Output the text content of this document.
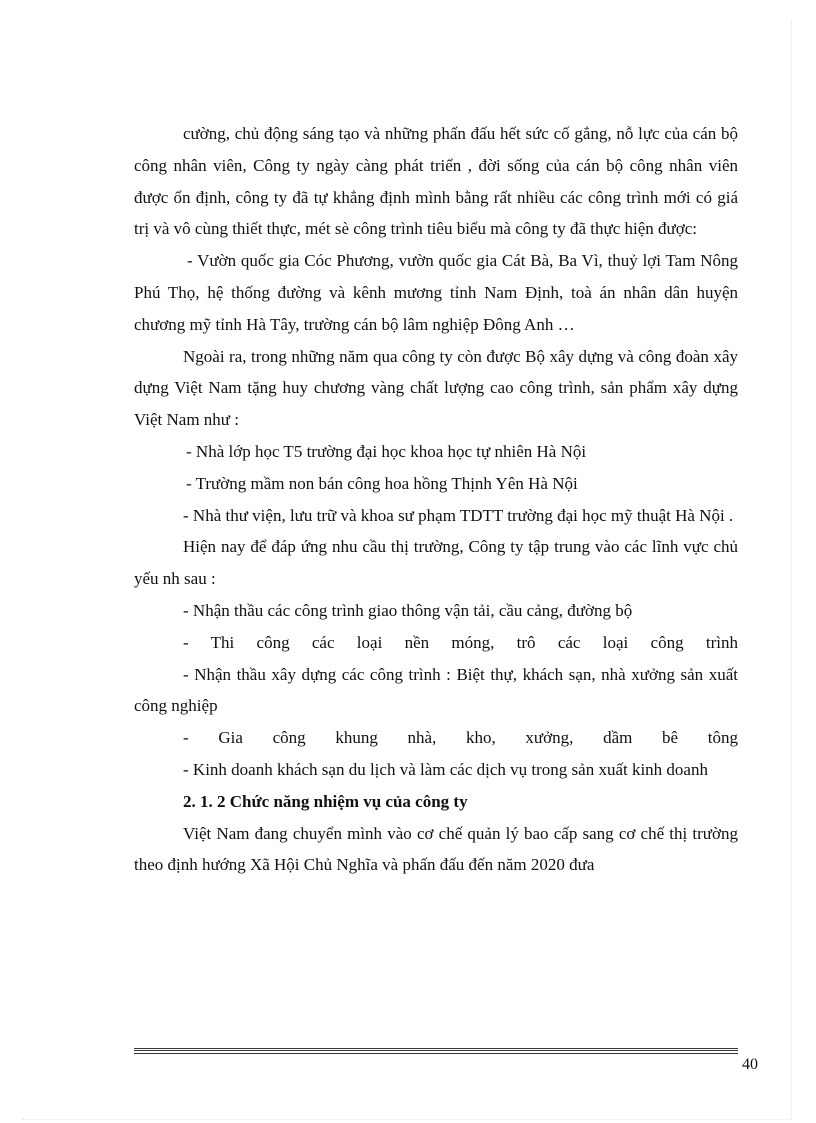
cường, chủ động sáng tạo và những phấn đấu hết sức cố gắng, nỗ lực của cán bộ công nhân viên, Công ty ngày càng phát triển , đời sống của cán bộ công nhân viên được ổn định, công ty đã tự khẳng định mình bằng rất nhiều các công trình mới có giá trị và vô cùng thiết thực, mét sè công trình tiêu biểu mà công ty đã thực hiện được:

- Vườn quốc gia Cóc Phương, vườn quốc gia Cát Bà, Ba Vì, thuỷ lợi Tam Nông Phú Thọ, hệ thống đường và kênh mương tỉnh Nam Định, toà án nhân dân huyện chương mỹ tỉnh Hà Tây, trường cán bộ lâm nghiệp Đông Anh …

Ngoài ra, trong những năm qua công ty còn được Bộ xây dựng và công đoàn xây dựng Việt Nam tặng huy chương vàng chất lượng cao công trình, sản phẩm xây dựng Việt Nam như :

- Nhà lớp học T5 trường đại học khoa học tự nhiên Hà Nội

- Trường mầm non bán công hoa hồng Thịnh Yên Hà Nội

- Nhà thư viện, lưu trữ và khoa sư phạm TDTT trường đại học mỹ thuật Hà Nội .

Hiện nay để đáp ứng nhu cầu thị trường, Công ty tập trung vào các lĩnh vực chủ yếu nh sau :

- Nhận thầu các công trình giao thông vận tải, cầu cảng, đường bộ

- Thi công các loại nền móng, trô các loại công trình

- Nhận thầu xây dựng các công trình : Biệt thự, khách sạn, nhà xưởng sản xuất công nghiệp

- Gia công khung nhà, kho, xưởng, dầm bê tông

- Kinh doanh khách sạn du lịch và làm các dịch vụ trong sản xuất kinh doanh

2. 1. 2 Chức năng nhiệm vụ của công ty

Việt Nam đang chuyển mình vào cơ chế quản lý bao cấp sang cơ chế thị trường theo định hướng Xã Hội Chủ Nghĩa và phấn đấu đến năm 2020 đưa

40
